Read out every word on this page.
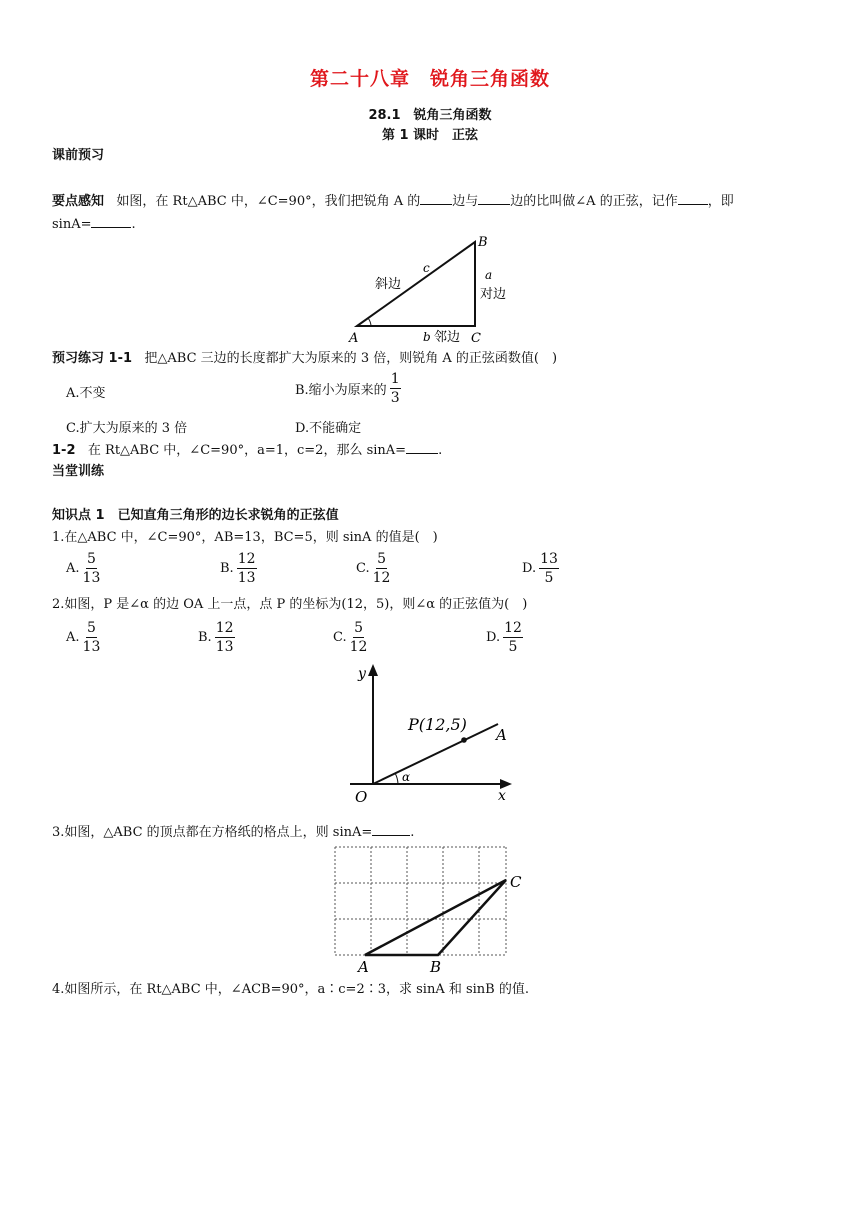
第二十八章　锐角三角函数
28.1　锐角三角函数
第 1 课时　正弦
课前预习
要点感知 如图，在 Rt△ABC 中，∠C=90°，我们把锐角 A 的 边与 边的比叫做∠A 的正弦，记作 ，即
sinA=	.
A
B
C
c	a
b
斜边
对边
邻边
预习练习 1-1 把△ABC 三边的长度都扩大为原来的 3 倍，则锐角 A 的正弦函数值(　)
A.不变	B.缩小为原来的 $\frac{1}{3}$
C.扩大为原来的 3 倍	D.不能确定
1-2 在 Rt△ABC 中，∠C=90°，a=1，c=2，那么 sinA= .
当堂训练
知识点 1　已知直角三角形的边长求锐角的正弦值
1.在△ABC 中，∠C=90°，AB=13，BC=5，则 sinA 的值是(　)
A. $\frac{5}{13}$	B. $\frac{12}{13}$	C. $\frac{5}{12}$	D. $\frac{13}{5}$
2.如图，P 是∠α 的边 OA 上一点，点 P 的坐标为(12，5)，则∠α 的正弦值为(　)
A. $\frac{5}{13}$	B. $\frac{12}{13}$	C. $\frac{5}{12}$	D. $\frac{12}{5}$
y
x
O
P(12,5)
A
α
3.如图，△ABC 的顶点都在方格纸的格点上，则 sinA=	.
A	B
C
4.如图所示，在 Rt△ABC 中，∠ACB=90°，a∶c=2∶3，求 sinA 和 sinB 的值.
